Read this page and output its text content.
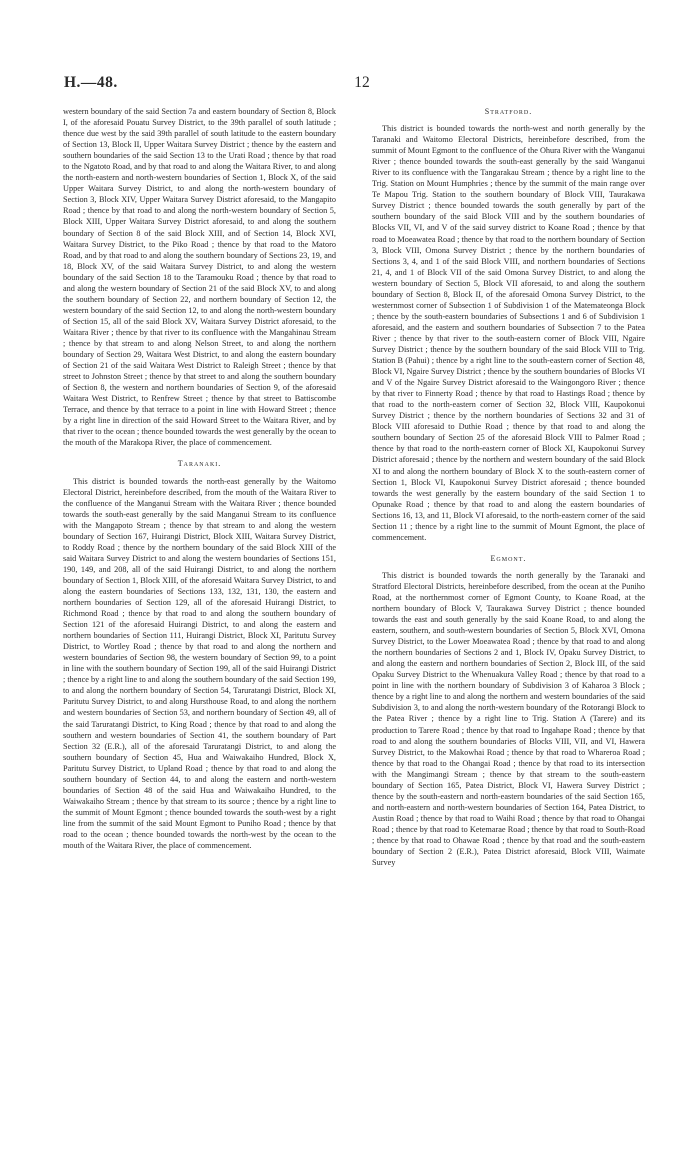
H.—48.	12

western boundary of the said Section 7a and eastern boundary of Section 8, Block I, of the aforesaid Pouatu Survey District, to the 39th parallel of south latitude ; thence due west by the said 39th parallel of south latitude to the eastern boundary of Section 13, Block II, Upper Waitara Survey District ; thence by the eastern and southern boundaries of the said Section 13 to the Urati Road ; thence by that road to the Ngatoto Road, and by that road to and along the Waitara River, to and along the north-eastern and north-western boundaries of Section 1, Block X, of the said Upper Waitara Survey District, to and along the north-western boundary of Section 3, Block XIV, Upper Waitara Survey District aforesaid, to the Mangapito Road ; thence by that road to and along the north-western boundary of Section 5, Block XIII, Upper Waitara Survey District aforesaid, to and along the southern boundary of Section 8 of the said Block XIII, and of Section 14, Block XVI, Waitara Survey District, to the Piko Road ; thence by that road to the Matoro Road, and by that road to and along the southern boundary of Sections 23, 19, and 18, Block XV, of the said Waitara Survey District, to and along the western boundary of the said Section 18 to the Taramouku Road ; thence by that road to and along the western boundary of Section 21 of the said Block XV, to and along the southern boundary of Section 22, and northern boundary of Section 12, the western boundary of the said Section 12, to and along the north-western boundary of Section 15, all of the said Block XV, Waitara Survey District aforesaid, to the Waitara River ; thence by that river to its confluence with the Mangahinau Stream ; thence by that stream to and along Nelson Street, to and along the northern boundary of Section 29, Waitara West District, to and along the eastern boundary of Section 21 of the said Waitara West District to Raleigh Street ; thence by that street to Johnston Street ; thence by that street to and along the southern boundary of Section 8, the western and northern boundaries of Section 9, of the aforesaid Waitara West District, to Renfrew Street ; thence by that street to Battiscombe Terrace, and thence by that terrace to a point in line with Howard Street ; thence by a right line in direction of the said Howard Street to the Waitara River, and by that river to the ocean ; thence bounded towards the west generally by the ocean to the mouth of the Marakopa River, the place of commencement.

Taranaki.

This district is bounded towards the north-east generally by the Waitomo Electoral District, hereinbefore described, from the mouth of the Waitara River to the confluence of the Manganui Stream with the Waitara River ; thence bounded towards the south-east generally by the said Manganui Stream to its confluence with the Mangapoto Stream ; thence by that stream to and along the western boundary of Section 167, Huirangi District, Block XIII, Waitara Survey District, to Roddy Road ; thence by the northern boundary of the said Block XIII of the said Waitara Survey District to and along the western boundaries of Sections 151, 190, 149, and 208, all of the said Huirangi District, to and along the northern boundary of Section 1, Block XIII, of the aforesaid Waitara Survey District, to and along the eastern boundaries of Sections 133, 132, 131, 130, the eastern and northern boundaries of Section 129, all of the aforesaid Huirangi District, to Richmond Road ; thence by that road to and along the southern boundary of Section 121 of the aforesaid Huirangi District, to and along the eastern and northern boundaries of Section 111, Huirangi District, Block XI, Paritutu Survey District, to Wortley Road ; thence by that road to and along the northern and western boundaries of Section 98, the western boundary of Section 99, to a point in line with the southern boundary of Section 199, all of the said Huirangi District ; thence by a right line to and along the southern boundary of the said Section 199, to and along the northern boundary of Section 54, Taruratangi District, Block XI, Paritutu Survey District, to and along Hursthouse Road, to and along the northern and western boundaries of Section 53, and northern boundary of Section 49, all of the said Taruratangi District, to King Road ; thence by that road to and along the southern and western boundaries of Section 41, the southern boundary of Part Section 32 (E.R.), all of the aforesaid Taruratangi District, to and along the southern boundary of Section 45, Hua and Waiwakaiho Hundred, Block X, Paritutu Survey District, to Upland Road ; thence by that road to and along the southern boundary of Section 44, to and along the eastern and north-western boundaries of Section 48 of the said Hua and Waiwakaiho Hundred, to the Waiwakaiho Stream ; thence by that stream to its source ; thence by a right line to the summit of Mount Egmont ; thence bounded towards the south-west by a right line from the summit of the said Mount Egmont to Puniho Road ; thence by that road to the ocean ; thence bounded towards the north-west by the ocean to the mouth of the Waitara River, the place of commencement.

Stratford.

This district is bounded towards the north-west and north generally by the Taranaki and Waitomo Electoral Districts, hereinbefore described, from the summit of Mount Egmont to the confluence of the Ohura River with the Wanganui River ; thence bounded towards the south-east generally by the said Wanganui River to its confluence with the Tangarakau Stream ; thence by a right line to the Trig. Station on Mount Humphries ; thence by the summit of the main range over Te Mapou Trig. Station to the southern boundary of Block VIII, Taurakawa Survey District ; thence bounded towards the south generally by part of the southern boundary of the said Block VIII and by the southern boundaries of Blocks VII, VI, and V of the said survey district to Koane Road ; thence by that road to Moeawatea Road ; thence by that road to the northern boundary of Section 3, Block VIII, Omona Survey District ; thence by the northern boundaries of Sections 3, 4, and 1 of the said Block VIII, and northern boundaries of Sections 21, 4, and 1 of Block VII of the said Omona Survey District, to and along the western boundary of Section 5, Block VII aforesaid, to and along the southern boundary of Section 8, Block II, of the aforesaid Omona Survey District, to the westernmost corner of Subsection 1 of Subdivision 1 of the Matemateonga Block ; thence by the south-eastern boundaries of Subsections 1 and 6 of Subdivision 1 aforesaid, and the eastern and southern boundaries of Subsection 7 to the Patea River ; thence by that river to the south-eastern corner of Block VIII, Ngaire Survey District ; thence by the southern boundary of the said Block VIII to Trig. Station B (Pahui) ; thence by a right line to the south-eastern corner of Section 48, Block VI, Ngaire Survey District ; thence by the southern boundaries of Blocks VI and V of the Ngaire Survey District aforesaid to the Waingongoro River ; thence by that river to Finnerty Road ; thence by that road to Hastings Road ; thence by that road to the north-eastern corner of Section 32, Block VIII, Kaupokonui Survey District ; thence by the northern boundaries of Sections 32 and 31 of Block VIII aforesaid to Duthie Road ; thence by that road to and along the southern boundary of Section 25 of the aforesaid Block VIII to Palmer Road ; thence by that road to the north-eastern corner of Block XI, Kaupokonui Survey District aforesaid ; thence by the northern and western boundary of the said Block XI to and along the northern boundary of Block X to the south-eastern corner of Section 1, Block VI, Kaupokonui Survey District aforesaid ; thence bounded towards the west generally by the eastern boundary of the said Section 1 to Opunake Road ; thence by that road to and along the eastern boundaries of Sections 16, 13, and 11, Block VI aforesaid, to the north-eastern corner of the said Section 11 ; thence by a right line to the summit of Mount Egmont, the place of commencement.

Egmont.

This district is bounded towards the north generally by the Taranaki and Stratford Electoral Districts, hereinbefore described, from the ocean at the Puniho Road, at the northernmost corner of Egmont County, to Koane Road, at the northern boundary of Block V, Taurakawa Survey District ; thence bounded towards the east and south generally by the said Koane Road, to and along the eastern, southern, and south-western boundaries of Section 5, Block XVI, Omona Survey District, to the Lower Moeawatea Road ; thence by that road to and along the northern boundaries of Sections 2 and 1, Block IV, Opaku Survey District, to and along the eastern and northern boundaries of Section 2, Block III, of the said Opaku Survey District to the Whenuakura Valley Road ; thence by that road to a point in line with the northern boundary of Subdivision 3 of Kaharoa 3 Block ; thence by a right line to and along the northern and western boundaries of the said Subdivision 3, to and along the north-western boundary of the Rotorangi Block to the Patea River ; thence by a right line to Trig. Station A (Tarere) and its production to Tarere Road ; thence by that road to Ingahape Road ; thence by that road to and along the southern boundaries of Blocks VIII, VII, and VI, Hawera Survey District, to the Makowhai Road ; thence by that road to Whareroa Road ; thence by that road to the Ohangai Road ; thence by that road to its intersection with the Mangimangi Stream ; thence by that stream to the south-eastern boundary of Section 165, Patea District, Block VI, Hawera Survey District ; thence by the south-eastern and north-eastern boundaries of the said Section 165, and north-eastern and north-western boundaries of Section 164, Patea District, to Austin Road ; thence by that road to Waihi Road ; thence by that road to Ohangai Road ; thence by that road to Ketemarae Road ; thence by that road to South-Road ; thence by that road to Ohawae Road ; thence by that road and the south-eastern boundary of Section 2 (E.R.), Patea District aforesaid, Block VIII, Waimate Survey
